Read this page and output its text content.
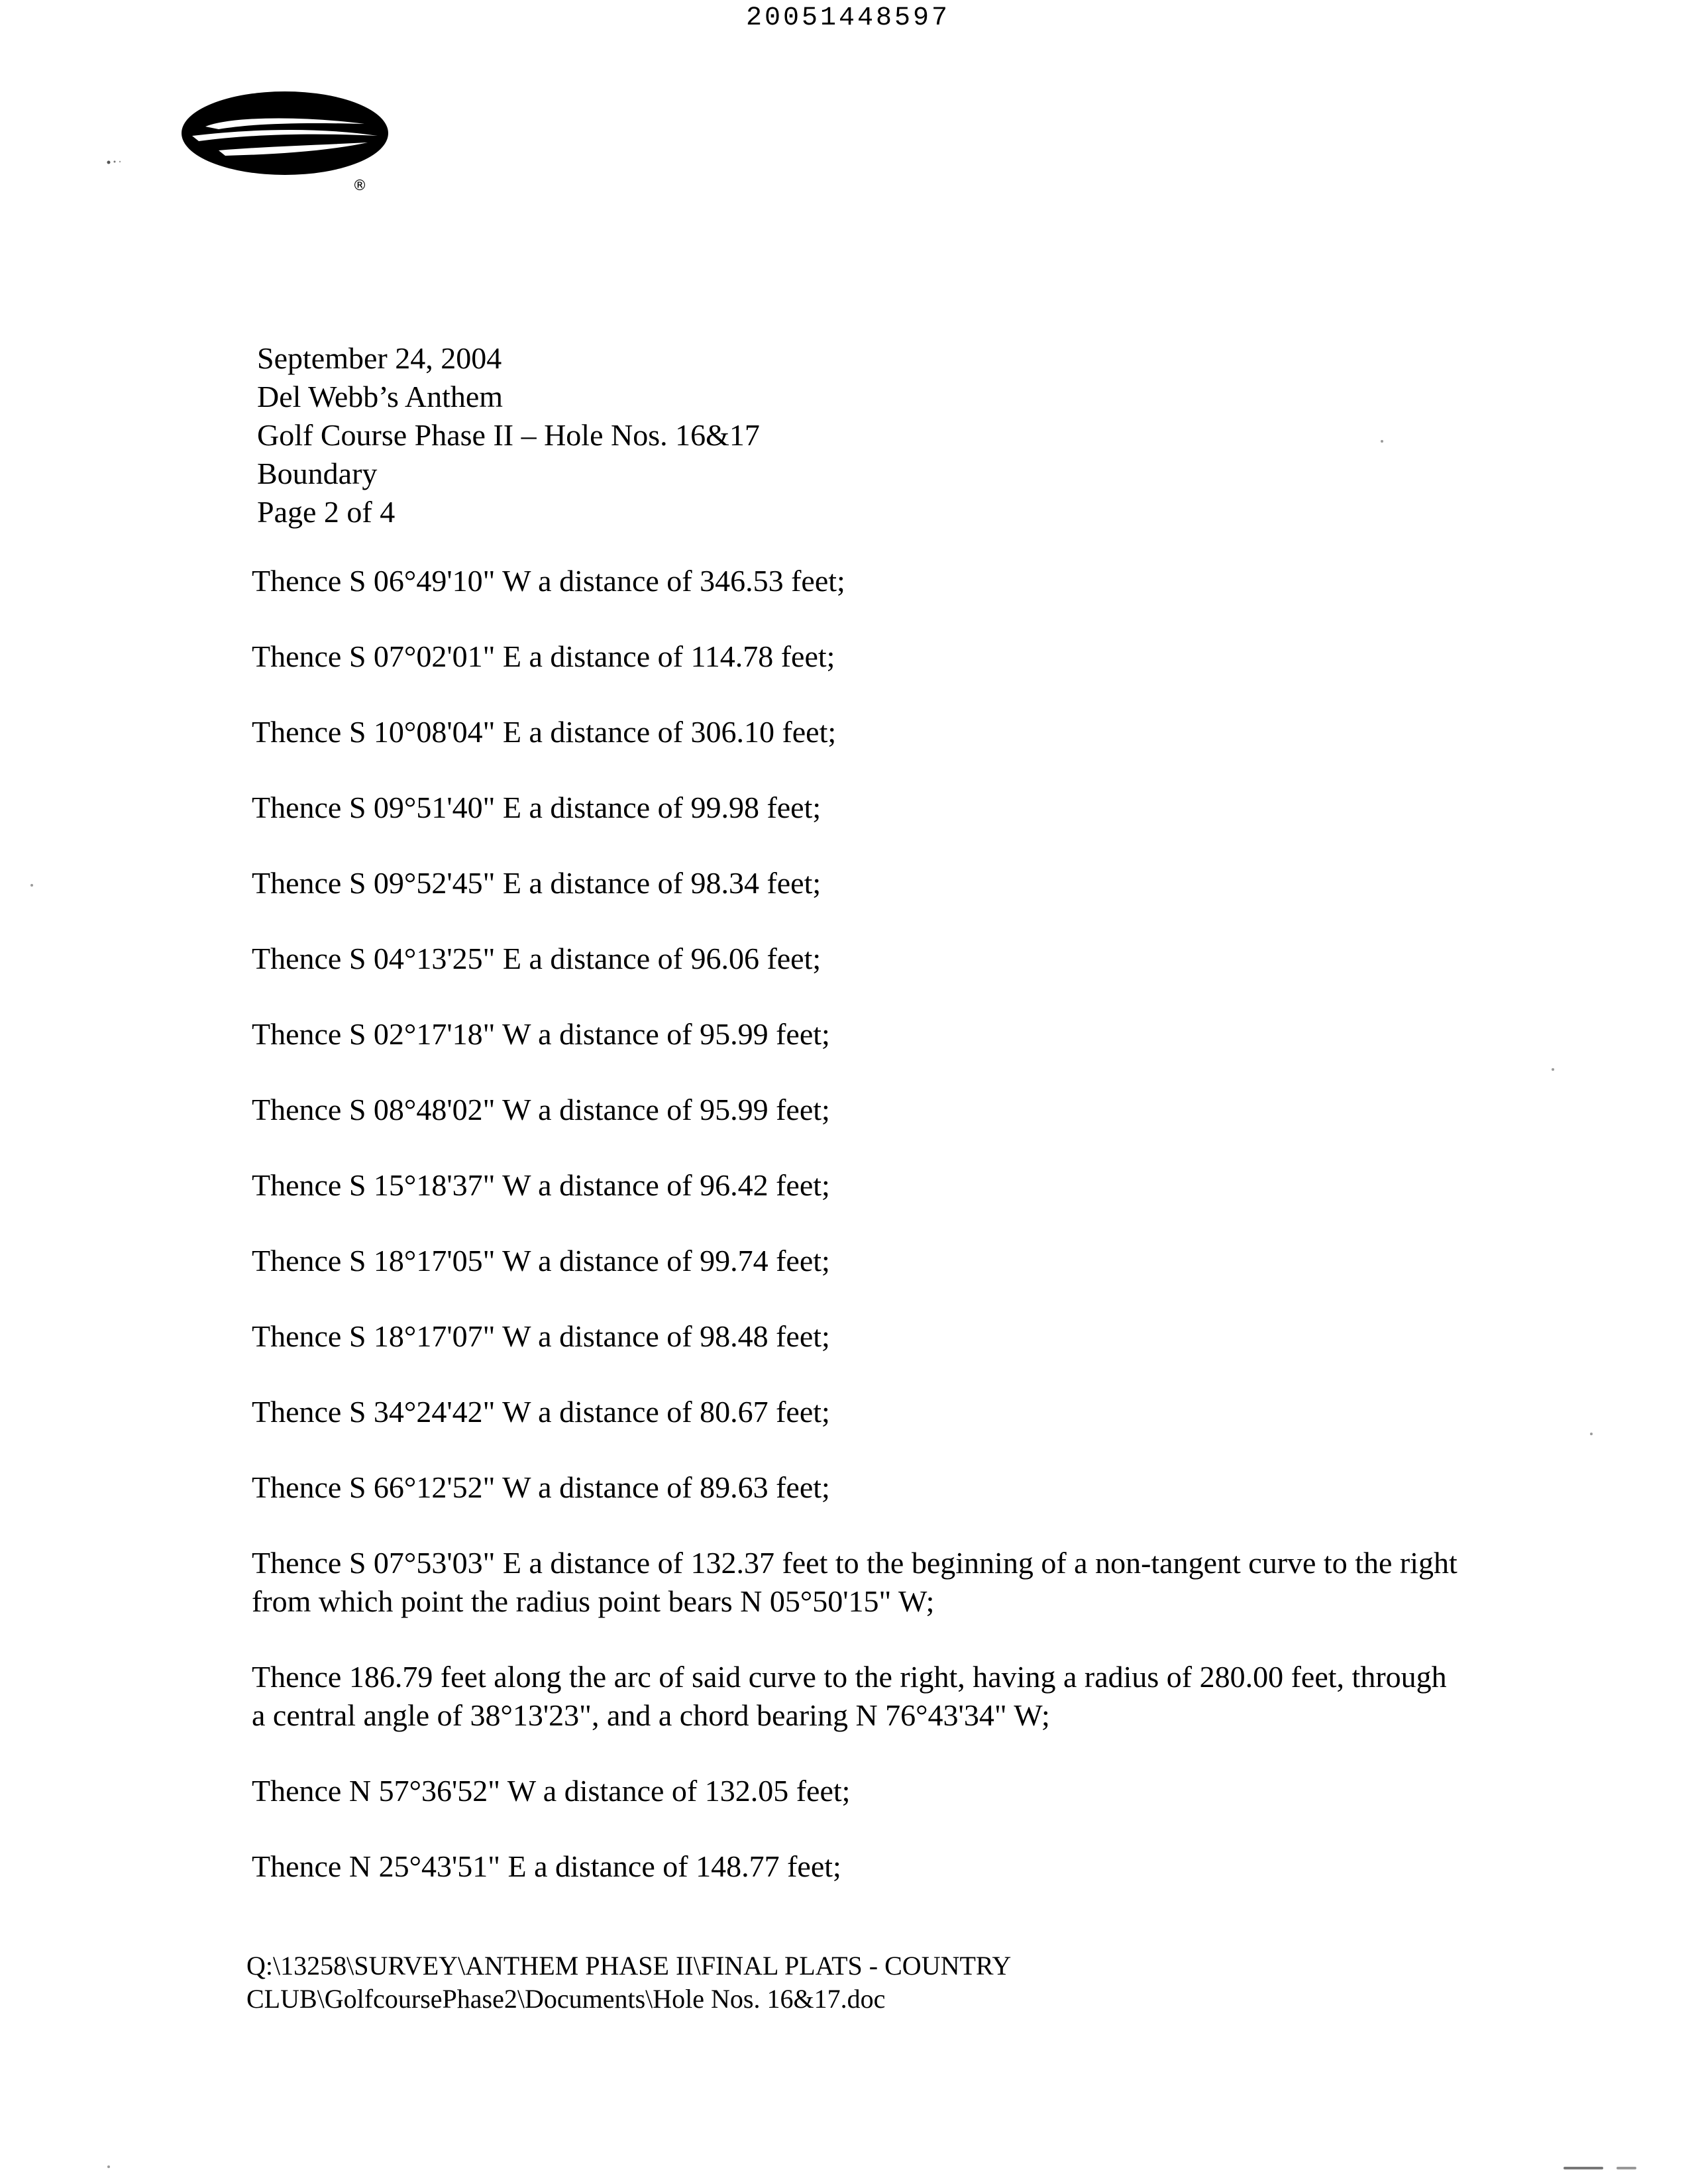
20051448597
®
September 24, 2004
Del Webb’s Anthem
Golf Course Phase II – Hole Nos. 16&17
Boundary
Page 2 of 4
Thence S 06°49'10" W a distance of 346.53 feet;
Thence S 07°02'01" E a distance of 114.78 feet;
Thence S 10°08'04" E a distance of 306.10 feet;
Thence S 09°51'40" E a distance of 99.98 feet;
Thence S 09°52'45" E a distance of 98.34 feet;
Thence S 04°13'25" E a distance of 96.06 feet;
Thence S 02°17'18" W a distance of 95.99 feet;
Thence S 08°48'02" W a distance of 95.99 feet;
Thence S 15°18'37" W a distance of 96.42 feet;
Thence S 18°17'05" W a distance of 99.74 feet;
Thence S 18°17'07" W a distance of 98.48 feet;
Thence S 34°24'42" W a distance of 80.67 feet;
Thence S 66°12'52" W a distance of 89.63 feet;
Thence S 07°53'03" E a distance of 132.37 feet to the beginning of a non-tangent curve to the right from which point the radius point bears N 05°50'15" W;
Thence 186.79 feet along the arc of said curve to the right, having a radius of 280.00 feet, through a central angle of 38°13'23", and a chord bearing N 76°43'34" W;
Thence N 57°36'52" W a distance of 132.05 feet;
Thence N 25°43'51" E a distance of 148.77 feet;
Q:\13258\SURVEY\ANTHEM PHASE II\FINAL PLATS - COUNTRY
CLUB\GolfcoursePhase2\Documents\Hole Nos. 16&17.doc
